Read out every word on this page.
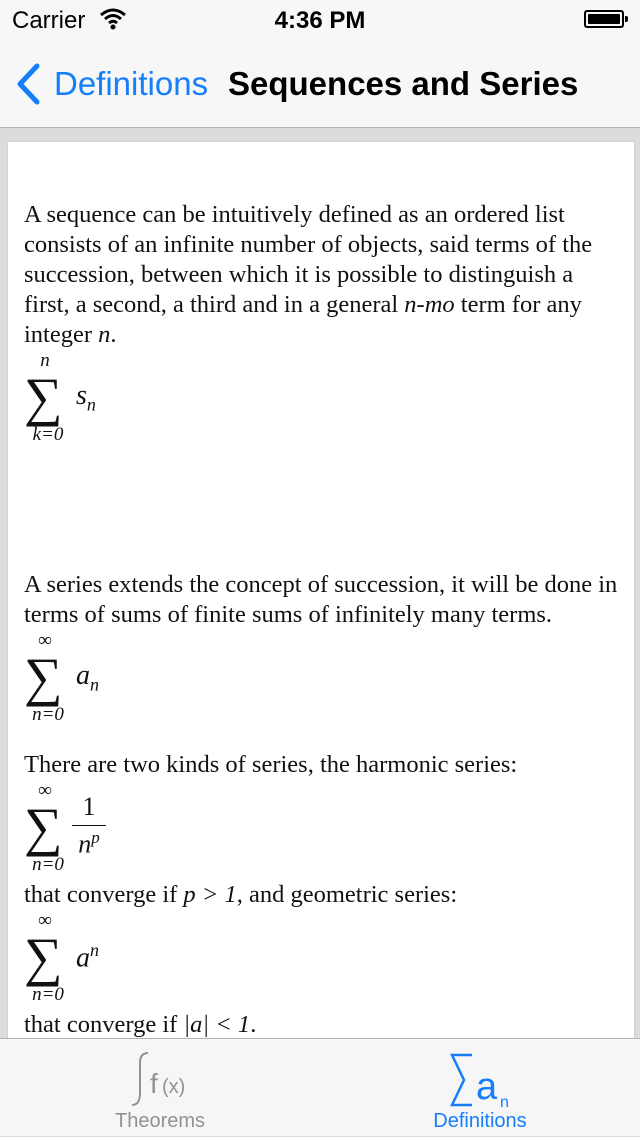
Carrier	4:36 PM
Definitions Sequences and Series

A sequence can be intuitively defined as an ordered list consists of an infinite number of objects, said terms of the succession, between which it is possible to distinguish a first, a second, a third and in a general n-mo term for any integer n.

n
∑
k=0
$s_n$

A series extends the concept of succession, it will be done in terms of sums of finite sums of infinitely many terms.

∞
∑
n=0
$a_n$

There are two kinds of series, the harmonic series:

∞
∑
n=0
$\frac{1}{n^p}$

that converge if p > 1, and geometric series:

∞
∑
n=0
$a^n$

that converge if |a| < 1.

f (x)
Theorems
a n
Definitions
